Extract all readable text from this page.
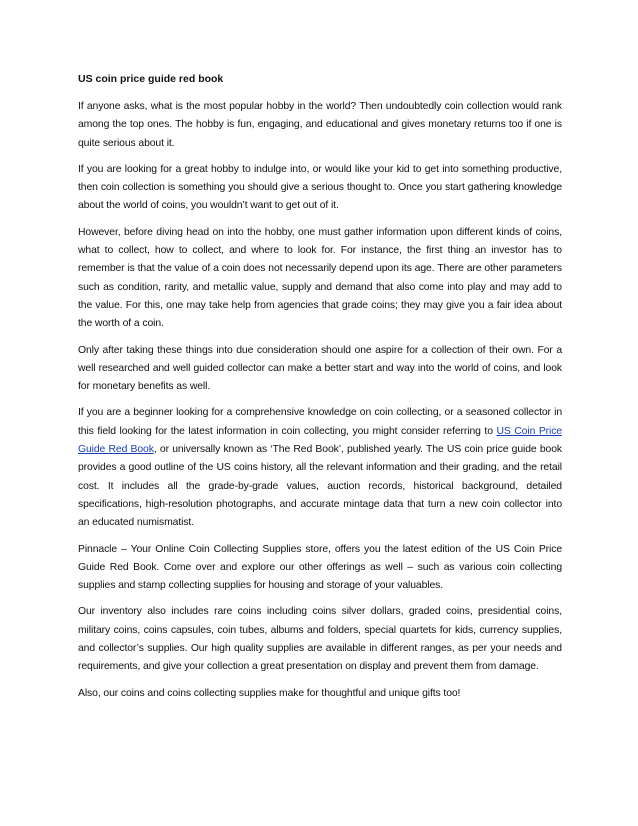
US coin price guide red book

If anyone asks, what is the most popular hobby in the world? Then undoubtedly coin collection would rank among the top ones. The hobby is fun, engaging, and educational and gives monetary returns too if one is quite serious about it.

If you are looking for a great hobby to indulge into, or would like your kid to get into something productive, then coin collection is something you should give a serious thought to. Once you start gathering knowledge about the world of coins, you wouldn’t want to get out of it.

However, before diving head on into the hobby, one must gather information upon different kinds of coins, what to collect, how to collect, and where to look for. For instance, the first thing an investor has to remember is that the value of a coin does not necessarily depend upon its age. There are other parameters such as condition, rarity, and metallic value, supply and demand that also come into play and may add to the value. For this, one may take help from agencies that grade coins; they may give you a fair idea about the worth of a coin.

Only after taking these things into due consideration should one aspire for a collection of their own. For a well researched and well guided collector can make a better start and way into the world of coins, and look for monetary benefits as well.

If you are a beginner looking for a comprehensive knowledge on coin collecting, or a seasoned collector in this field looking for the latest information in coin collecting, you might consider referring to US Coin Price Guide Red Book, or universally known as ‘The Red Book’, published yearly. The US coin price guide book provides a good outline of the US coins history, all the relevant information and their grading, and the retail cost. It includes all the grade-by-grade values, auction records, historical background, detailed specifications, high-resolution photographs, and accurate mintage data that turn a new coin collector into an educated numismatist.

Pinnacle – Your Online Coin Collecting Supplies store, offers you the latest edition of the US Coin Price Guide Red Book. Come over and explore our other offerings as well – such as various coin collecting supplies and stamp collecting supplies for housing and storage of your valuables.

Our inventory also includes rare coins including coins silver dollars, graded coins, presidential coins, military coins, coins capsules, coin tubes, albums and folders, special quartets for kids, currency supplies, and collector’s supplies. Our high quality supplies are available in different ranges, as per your needs and requirements, and give your collection a great presentation on display and prevent them from damage.

Also, our coins and coins collecting supplies make for thoughtful and unique gifts too!
